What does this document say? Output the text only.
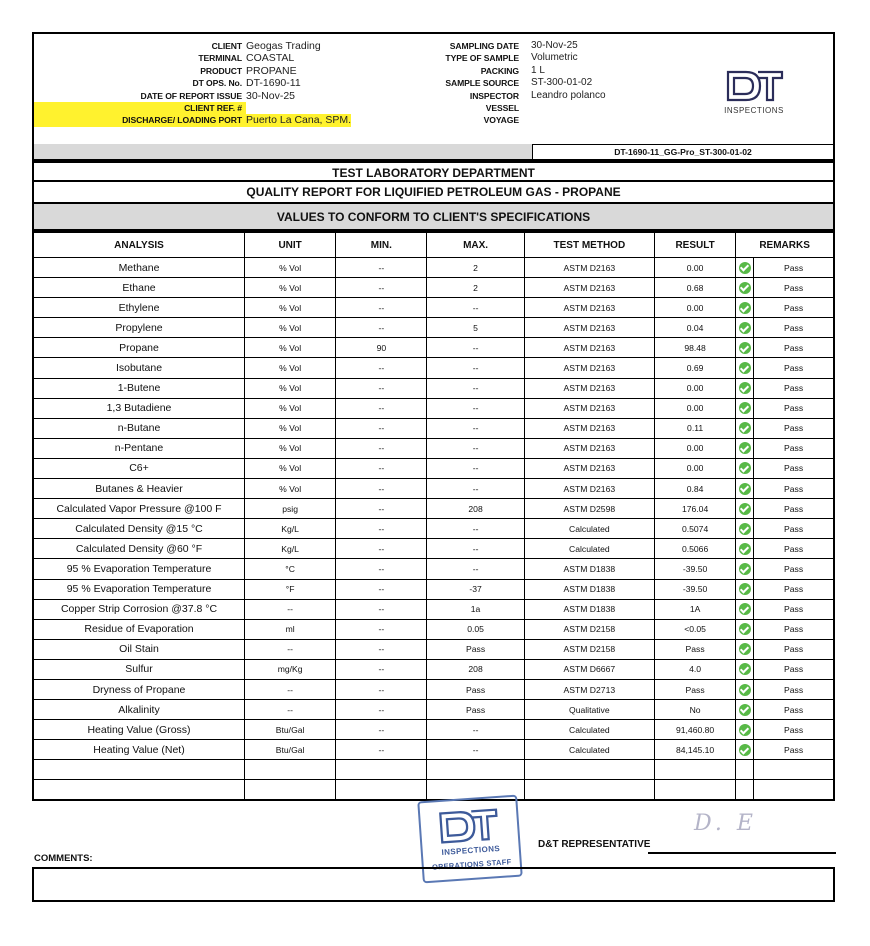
CLIENT Geogas Trading
TERMINAL COASTAL
PRODUCT PROPANE
DT OPS. No. DT-1690-11
DATE OF REPORT ISSUE 30-Nov-25
CLIENT REF. #
DISCHARGE/ LOADING PORT Puerto La Cana, SPM.
SAMPLING DATE	30-Nov-25
TYPE OF SAMPLE	Volumetric
PACKING	1 L
SAMPLE SOURCE	ST-300-01-02
INSPECTOR	Leandro polanco
VESSEL
VOYAGE
INSPECTIONS
DT-1690-11_GG-Pro_ST-300-01-02
TEST LABORATORY DEPARTMENT
QUALITY REPORT FOR LIQUIFIED PETROLEUM GAS - PROPANE
VALUES TO CONFORM TO CLIENT'S SPECIFICATIONS
ANALYSIS	UNIT	MIN.	MAX.	TEST METHOD	RESULT	REMARKS	
Methane	% Vol	--	2	ASTM D2163	0.00		Pass
Ethane	% Vol	--	2	ASTM D2163	0.68		Pass
Ethylene	% Vol	--	--	ASTM D2163	0.00		Pass
Propylene	% Vol	--	5	ASTM D2163	0.04		Pass
Propane	% Vol	90	--	ASTM D2163	98.48		Pass
Isobutane	% Vol	--	--	ASTM D2163	0.69		Pass
1-Butene	% Vol	--	--	ASTM D2163	0.00		Pass
1,3 Butadiene	% Vol	--	--	ASTM D2163	0.00		Pass
n-Butane	% Vol	--	--	ASTM D2163	0.11		Pass
n-Pentane	% Vol	--	--	ASTM D2163	0.00		Pass
C6+	% Vol	--	--	ASTM D2163	0.00		Pass
Butanes & Heavier	% Vol	--	--	ASTM D2163	0.84		Pass
Calculated Vapor Pressure @100 F	psig	--	208	ASTM D2598	176.04		Pass
Calculated Density @15 °C	Kg/L	--	--	Calculated	0.5074		Pass
Calculated Density @60 °F	Kg/L	--	--	Calculated	0.5066		Pass
95 % Evaporation Temperature	°C	--	--	ASTM D1838	-39.50		Pass
95 % Evaporation Temperature	°F	--	-37	ASTM D1838	-39.50		Pass
Copper Strip Corrosion @37.8 °C	--	--	1a	ASTM D1838	1A		Pass
Residue of Evaporation	ml	--	0.05	ASTM D2158	<0.05		Pass
Oil Stain	--	--	Pass	ASTM D2158	Pass		Pass
Sulfur	mg/Kg	--	208	ASTM D6667	4.0		Pass
Dryness of Propane	--	--	Pass	ASTM D2713	Pass		Pass
Alkalinity	--	--	Pass	Qualitative	No		Pass
Heating Value (Gross)	Btu/Gal	--	--	Calculated	91,460.80		Pass
Heating Value (Net)	Btu/Gal	--	--	Calculated	84,145.10		Pass

INSPECTIONS
OPERATIONS STAFF
D. E
D&T REPRESENTATIVE
COMMENTS:
